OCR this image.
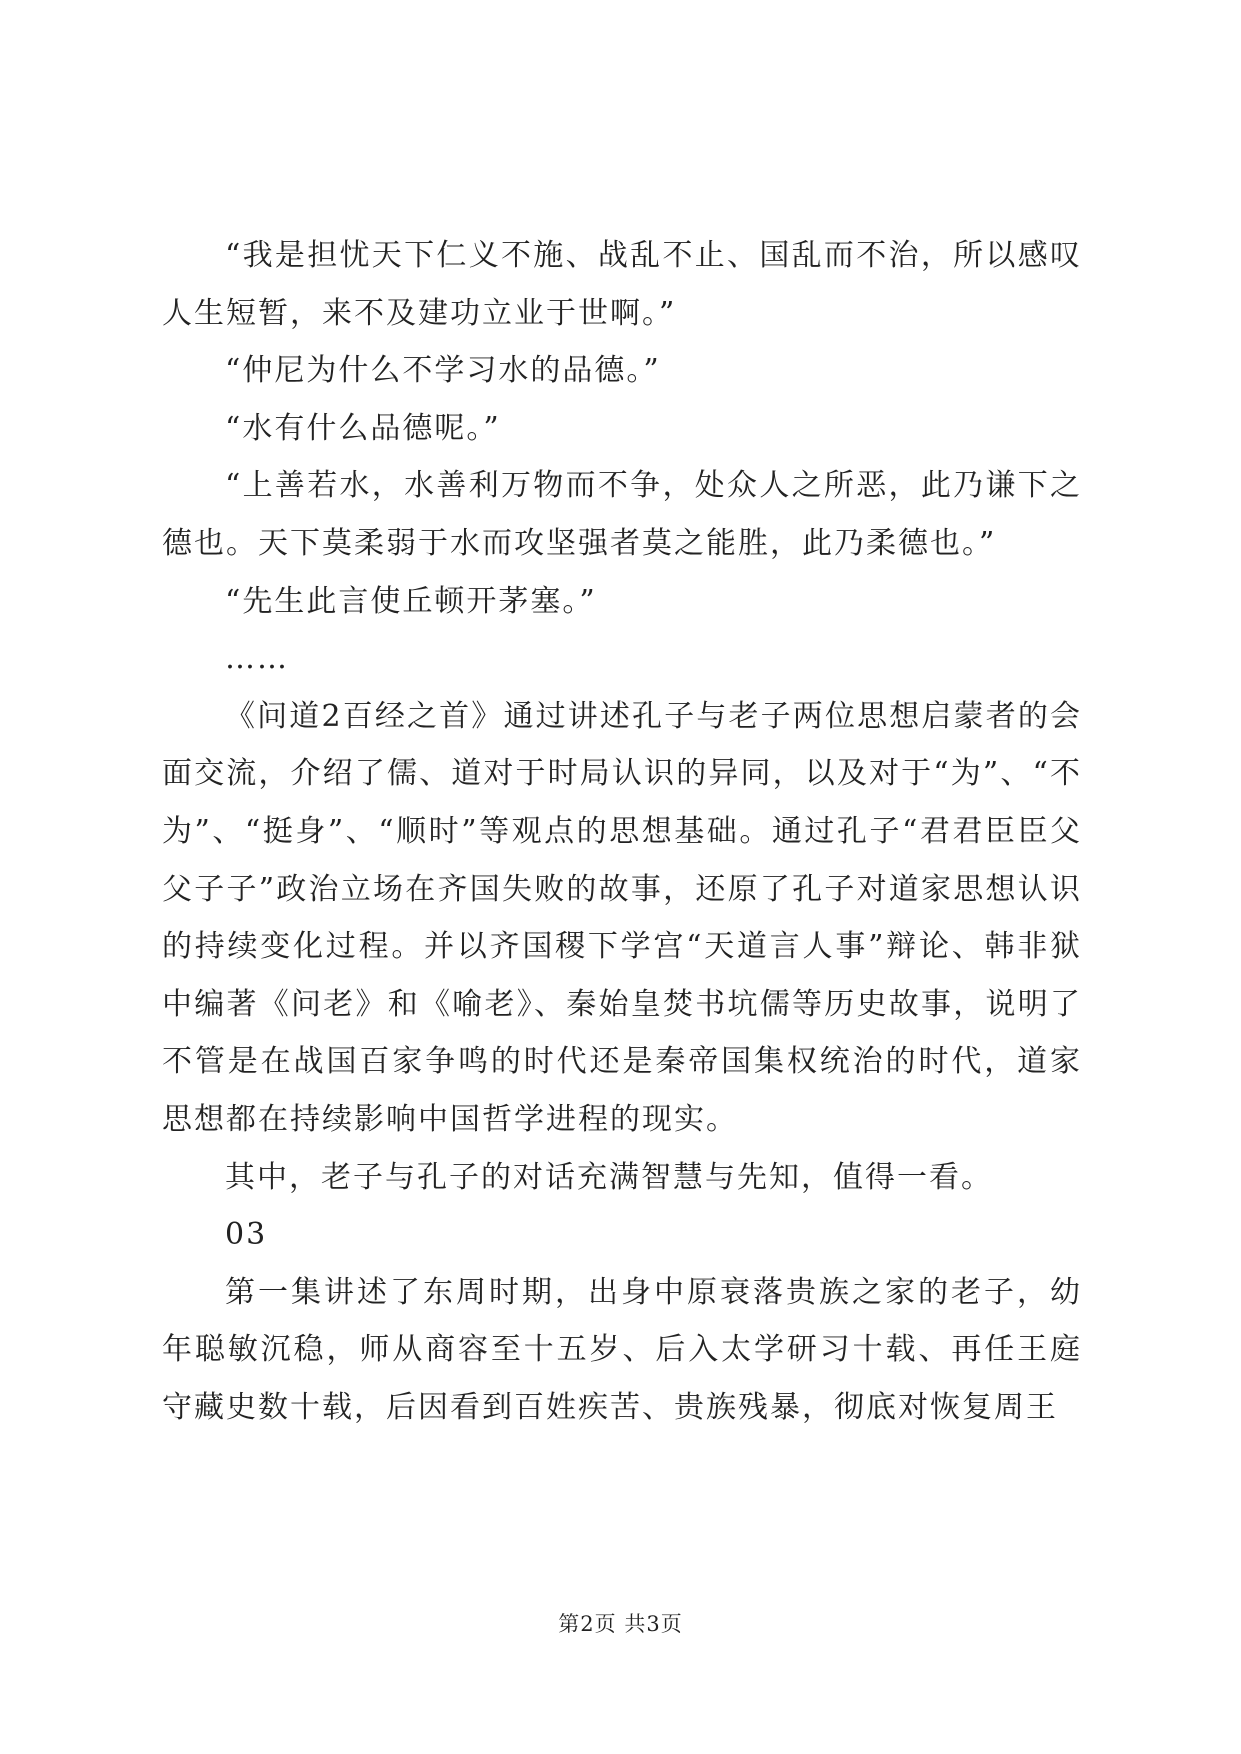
“我是担忧天下仁义不施、战乱不止、国乱而不治，所以感叹人生短暂，来不及建功立业于世啊。”

“仲尼为什么不学习水的品德。”

“水有什么品德呢。”

“上善若水，水善利万物而不争，处众人之所恶，此乃谦下之德也。天下莫柔弱于水而攻坚强者莫之能胜，此乃柔德也。”

“先生此言使丘顿开茅塞。”

……

《问道2百经之首》通过讲述孔子与老子两位思想启蒙者的会面交流，介绍了儒、道对于时局认识的异同，以及对于“为”、“不为”、“挺身”、“顺时”等观点的思想基础。通过孔子“君君臣臣父父子子”政治立场在齐国失败的故事，还原了孔子对道家思想认识的持续变化过程。并以齐国稷下学宫“天道言人事”辩论、韩非狱中编著《问老》和《喻老》、秦始皇焚书坑儒等历史故事，说明了不管是在战国百家争鸣的时代还是秦帝国集权统治的时代，道家思想都在持续影响中国哲学进程的现实。

其中，老子与孔子的对话充满智慧与先知，值得一看。

03

第一集讲述了东周时期，出身中原衰落贵族之家的老子，幼年聪敏沉稳，师从商容至十五岁、后入太学研习十载、再任王庭守藏史数十载，后因看到百姓疾苦、贵族残暴，彻底对恢复周王

第2页 共3页
